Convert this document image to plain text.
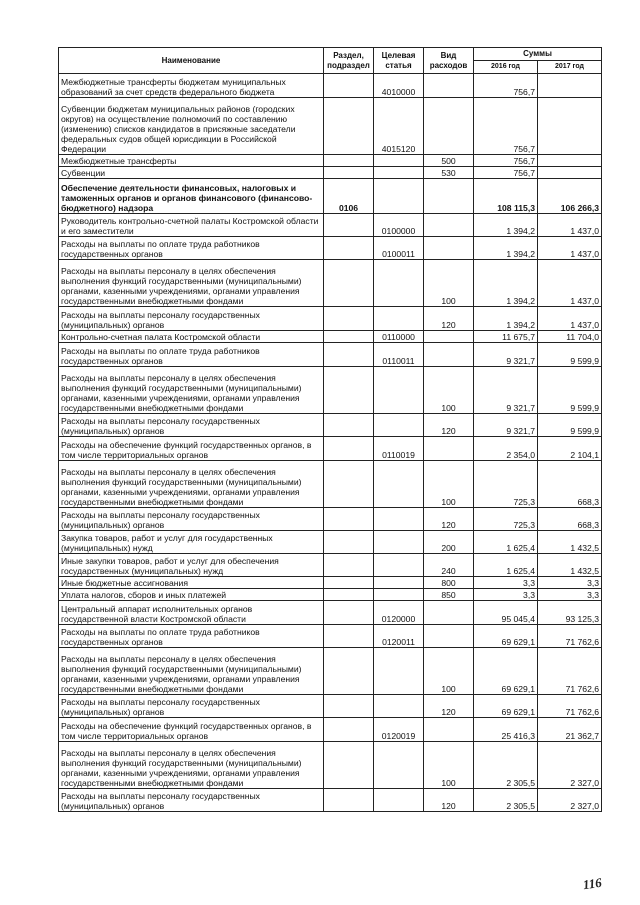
Наименование	Раздел, подраздел	Целевая статья	Вид расходов	Суммы	
				2016 год	2017 год
Межбюджетные трансферты бюджетам муниципальных образований за счет средств федерального бюджета		4010000		756,7	
Субвенции бюджетам муниципальных районов (городских округов) на осуществление полномочий по составлению (изменению) списков кандидатов в присяжные заседатели федеральных судов общей юрисдикции в Российской Федерации		4015120		756,7	
Межбюджетные трансферты			500	756,7	
Субвенции			530	756,7	
Обеспечение деятельности финансовых, налоговых и таможенных органов и органов финансового (финансово-бюджетного) надзора	0106			108 115,3	106 266,3
Руководитель контрольно-счетной палаты Костромской области и его заместители		0100000		1 394,2	1 437,0
Расходы на выплаты по оплате труда работников государственных органов		0100011		1 394,2	1 437,0
Расходы на выплаты персоналу в целях обеспечения выполнения функций государственными (муниципальными) органами, казенными учреждениями, органами управления государственными внебюджетными фондами			100	1 394,2	1 437,0
Расходы на выплаты персоналу государственных (муниципальных) органов			120	1 394,2	1 437,0
Контрольно-счетная палата Костромской области		0110000		11 675,7	11 704,0
Расходы на выплаты по оплате труда работников государственных органов		0110011		9 321,7	9 599,9
Расходы на выплаты персоналу в целях обеспечения выполнения функций государственными (муниципальными) органами, казенными учреждениями, органами управления государственными внебюджетными фондами			100	9 321,7	9 599,9
Расходы на выплаты персоналу государственных (муниципальных) органов			120	9 321,7	9 599,9
Расходы на обеспечение функций государственных органов, в том числе территориальных органов		0110019		2 354,0	2 104,1
Расходы на выплаты персоналу в целях обеспечения выполнения функций государственными (муниципальными) органами, казенными учреждениями, органами управления государственными внебюджетными фондами			100	725,3	668,3
Расходы на выплаты персоналу государственных (муниципальных) органов			120	725,3	668,3
Закупка товаров, работ и услуг для государственных (муниципальных) нужд			200	1 625,4	1 432,5
Иные закупки товаров, работ и услуг для обеспечения государственных (муниципальных) нужд			240	1 625,4	1 432,5
Иные бюджетные ассигнования			800	3,3	3,3
Уплата налогов, сборов и иных платежей			850	3,3	3,3
Центральный аппарат исполнительных органов государственной власти Костромской области		0120000		95 045,4	93 125,3
Расходы на выплаты по оплате труда работников государственных органов		0120011		69 629,1	71 762,6
Расходы на выплаты персоналу в целях обеспечения выполнения функций государственными (муниципальными) органами, казенными учреждениями, органами управления государственными внебюджетными фондами			100	69 629,1	71 762,6
Расходы на выплаты персоналу государственных (муниципальных) органов			120	69 629,1	71 762,6
Расходы на обеспечение функций государственных органов, в том числе территориальных органов		0120019		25 416,3	21 362,7
Расходы на выплаты персоналу в целях обеспечения выполнения функций государственными (муниципальными) органами, казенными учреждениями, органами управления государственными внебюджетными фондами			100	2 305,5	2 327,0
Расходы на выплаты персоналу государственных (муниципальных) органов			120	2 305,5	2 327,0
116
